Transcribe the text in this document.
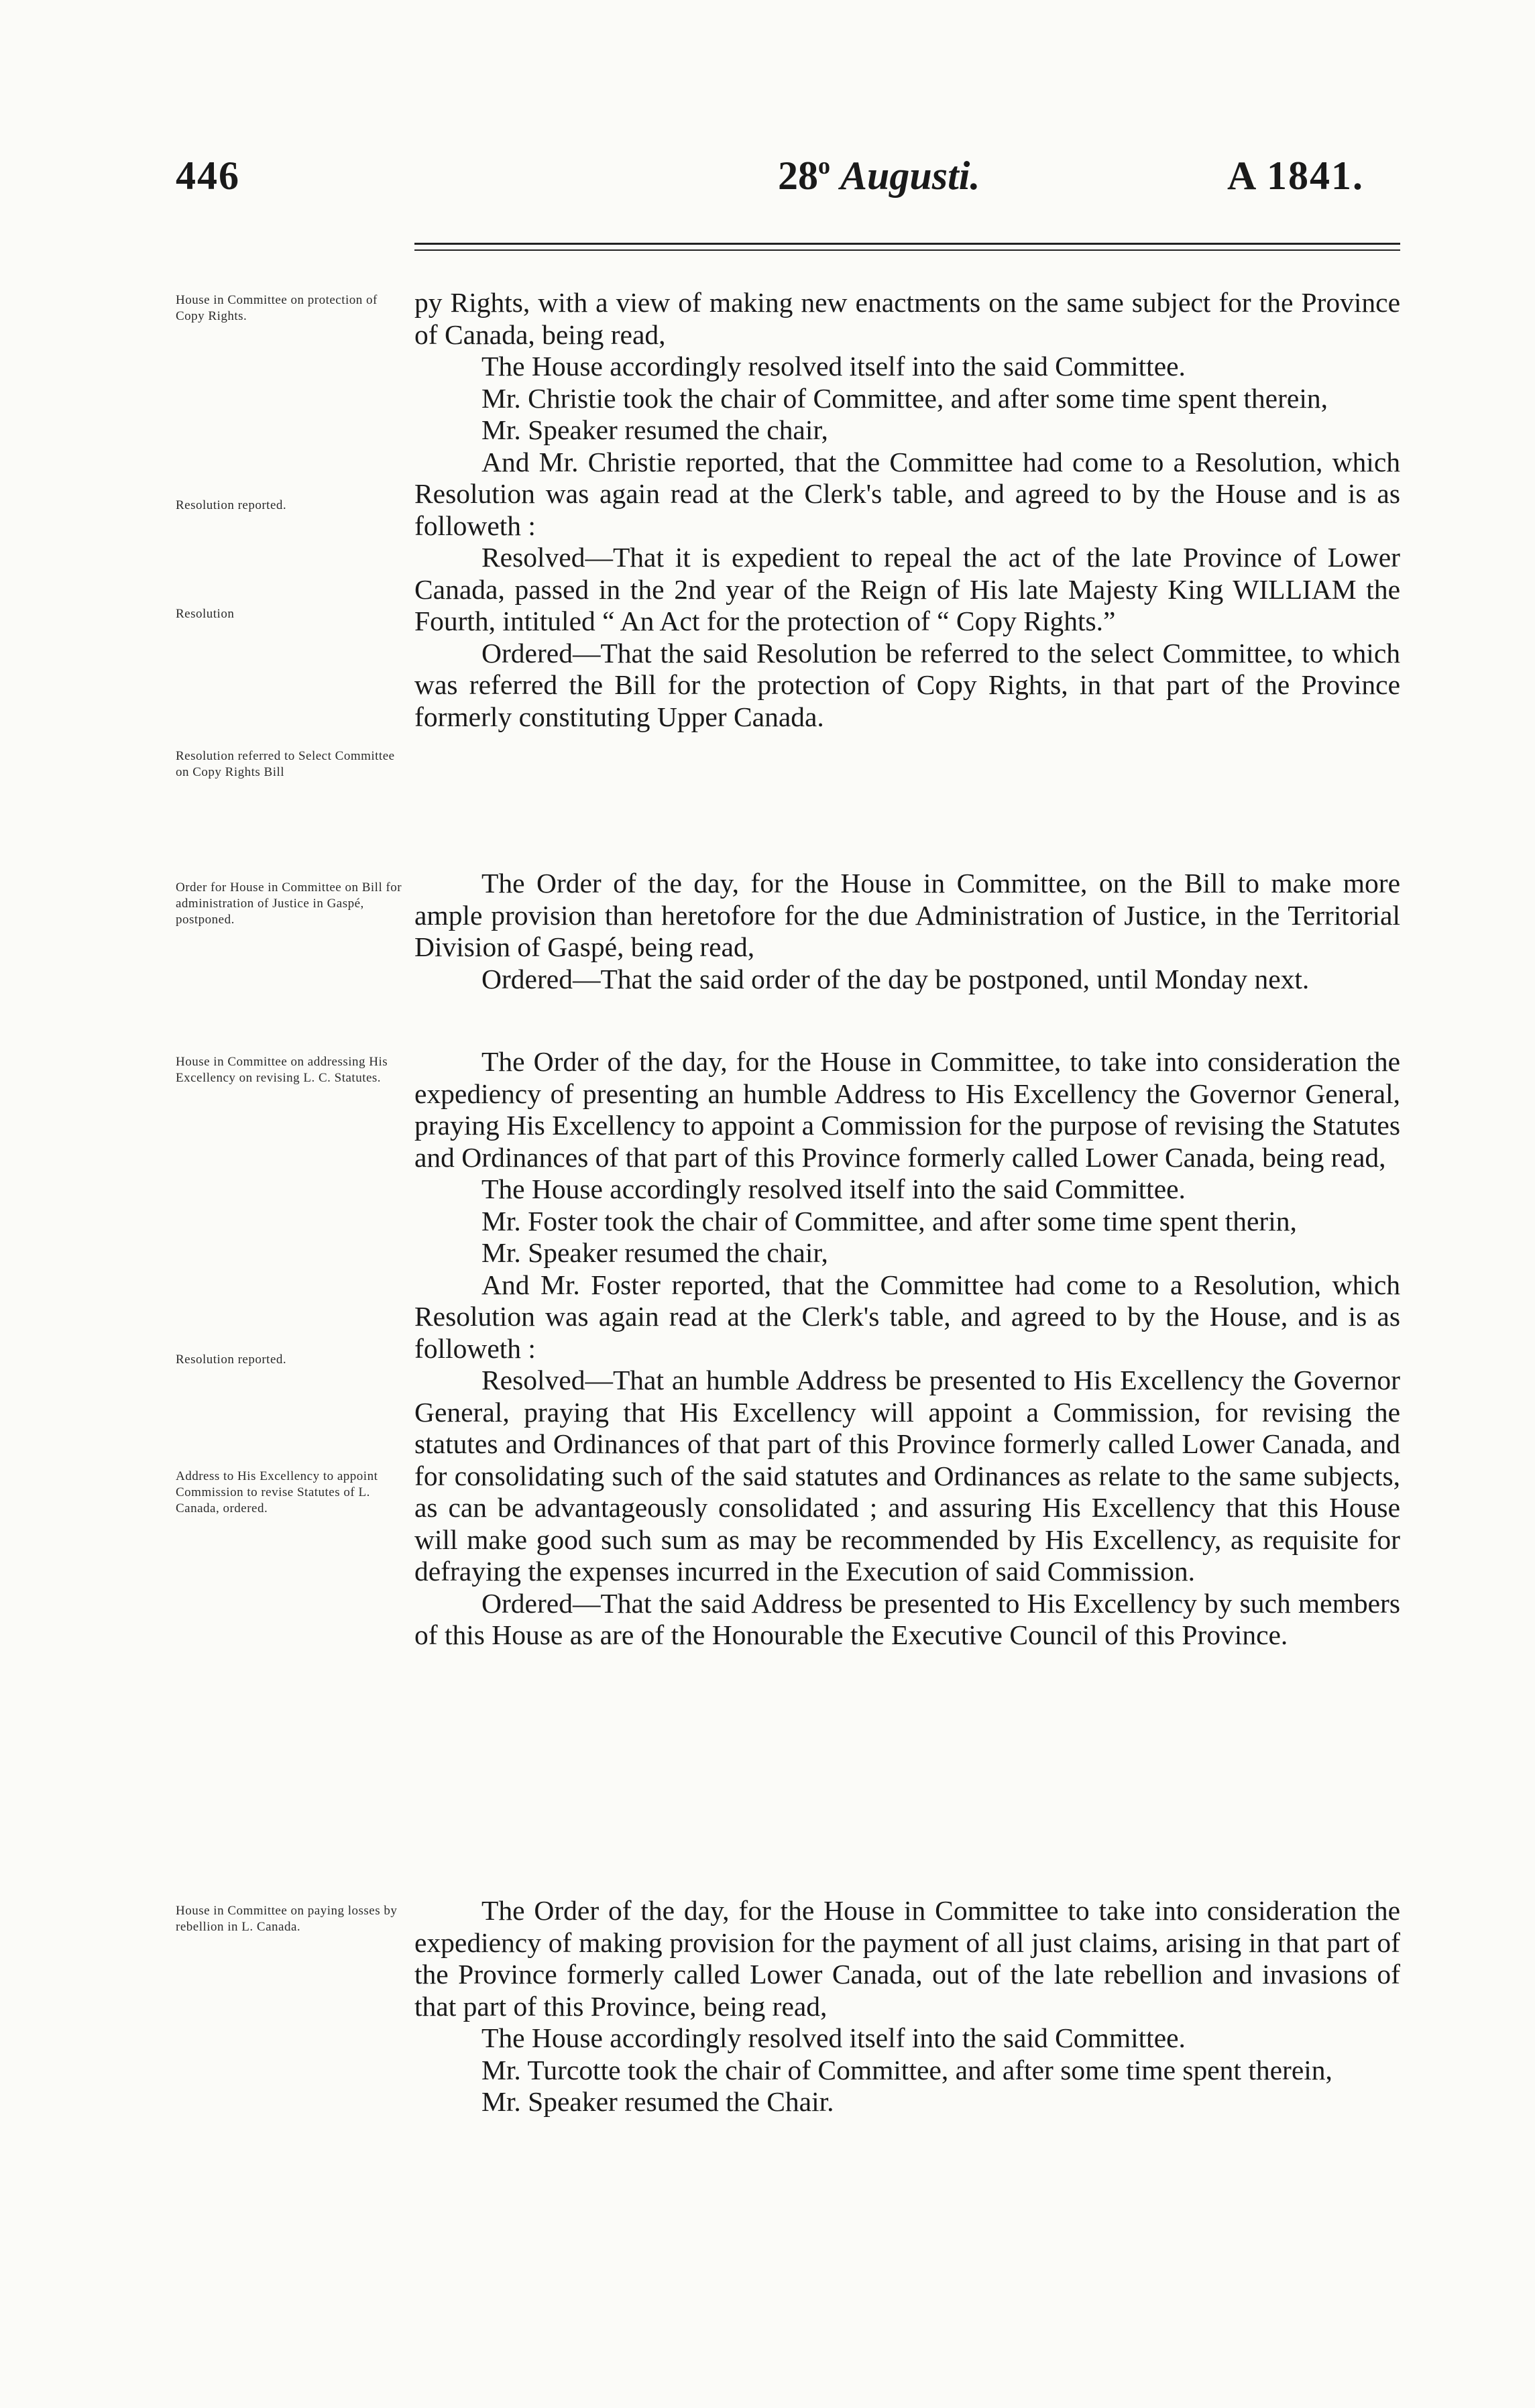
446	28$^o$ Augusti.	A 1841.
House in Committee on protection of Copy Rights.
Resolution reported.
Resolution
Resolution referred to Select Committee on Copy Rights Bill
Order for House in Committee on Bill for administration of Justice in Gaspé, postponed.
House in Committee on addressing His Excellency on revising L. C. Statutes.
Resolution reported.
Address to His Excellency to appoint Commission to revise Statutes of L. Canada, ordered.
House in Committee on paying losses by rebellion in L. Canada.

py Rights, with a view of making new enactments on the same subject for the Province of Canada, being read,

The House accordingly resolved itself into the said Committee.

Mr. Christie took the chair of Committee, and after some time spent therein,

Mr. Speaker resumed the chair,

And Mr. Christie reported, that the Committee had come to a Resolution, which Resolution was again read at the Clerk's table, and agreed to by the House and is as followeth :

Resolved—That it is expedient to repeal the act of the late Province of Lower Canada, passed in the 2nd year of the Reign of His late Majesty King WILLIAM the Fourth, intituled “ An Act for the protection of “ Copy Rights.”

Ordered—That the said Resolution be referred to the select Committee, to which was referred the Bill for the protection of Copy Rights, in that part of the Province formerly constituting Upper Canada.

The Order of the day, for the House in Committee, on the Bill to make more ample provision than heretofore for the due Administration of Justice, in the Territorial Division of Gaspé, being read,

Ordered—That the said order of the day be postponed, until Monday next.

The Order of the day, for the House in Committee, to take into consideration the expediency of presenting an humble Address to His Excellency the Governor General, praying His Excellency to appoint a Commission for the purpose of revising the Statutes and Ordinances of that part of this Province formerly called Lower Canada, being read,

The House accordingly resolved itself into the said Committee.

Mr. Foster took the chair of Committee, and after some time spent therin,

Mr. Speaker resumed the chair,

And Mr. Foster reported, that the Committee had come to a Resolution, which Resolution was again read at the Clerk's table, and agreed to by the House, and is as followeth :

Resolved—That an humble Address be presented to His Excellency the Governor General, praying that His Excellency will appoint a Commission, for revising the statutes and Ordinances of that part of this Province formerly called Lower Canada, and for consolidating such of the said statutes and Ordinances as relate to the same subjects, as can be advantageously consolidated ; and assuring His Excellency that this House will make good such sum as may be recommended by His Excellency, as requisite for defraying the expenses incurred in the Execution of said Commission.

Ordered—That the said Address be presented to His Excellency by such members of this House as are of the Honourable the Executive Council of this Province.

The Order of the day, for the House in Committee to take into consideration the expediency of making provision for the payment of all just claims, arising in that part of the Province formerly called Lower Canada, out of the late rebellion and invasions of that part of this Province, being read,

The House accordingly resolved itself into the said Committee.

Mr. Turcotte took the chair of Committee, and after some time spent therein,

Mr. Speaker resumed the Chair.
